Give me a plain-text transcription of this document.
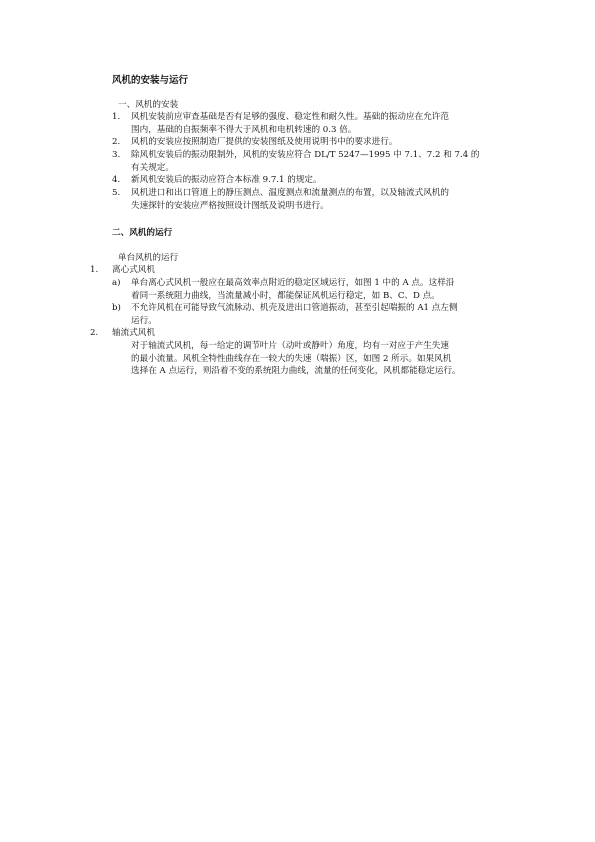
风机的安装与运行
一、风机的安装
1. 风机安装前应审查基础是否有足够的强度、稳定性和耐久性。基础的振动应在允许范
围内，基础的自振频率不得大于风机和电机转速的 0.3 倍。
2. 风机的安装应按照制造厂提供的安装图纸及使用说明书中的要求进行。
3. 除风机安装后的振动限制外，风机的安装应符合 DL/T 5247—1995 中 7.1、7.2 和 7.4 的
有关规定。
4. 新风机安装后的振动应符合本标准 9.7.1 的规定。
5. 风机进口和出口管道上的静压测点、温度测点和流量测点的布置，以及轴流式风机的
失速探针的安装应严格按照设计图纸及说明书进行。
二、风机的运行
单台风机的运行
1. 离心式风机
a) 单台离心式风机一般应在最高效率点附近的稳定区域运行，如图 1 中的 A 点。这样沿
着同一系统阻力曲线，当流量减小时，都能保证风机运行稳定，如 B、C、D 点。
b) 不允许风机在可能导致气流脉动、机壳及进出口管道振动，甚至引起喘振的 A1 点左侧
运行。
2. 轴流式风机
对于轴流式风机，每一给定的调节叶片（动叶或静叶）角度，均有一对应于产生失速
的最小流量。风机全特性曲线存在一较大的失速（喘振）区，如图 2 所示。如果风机
选择在 A 点运行，则沿着不变的系统阻力曲线，流量的任何变化，风机都能稳定运行。
